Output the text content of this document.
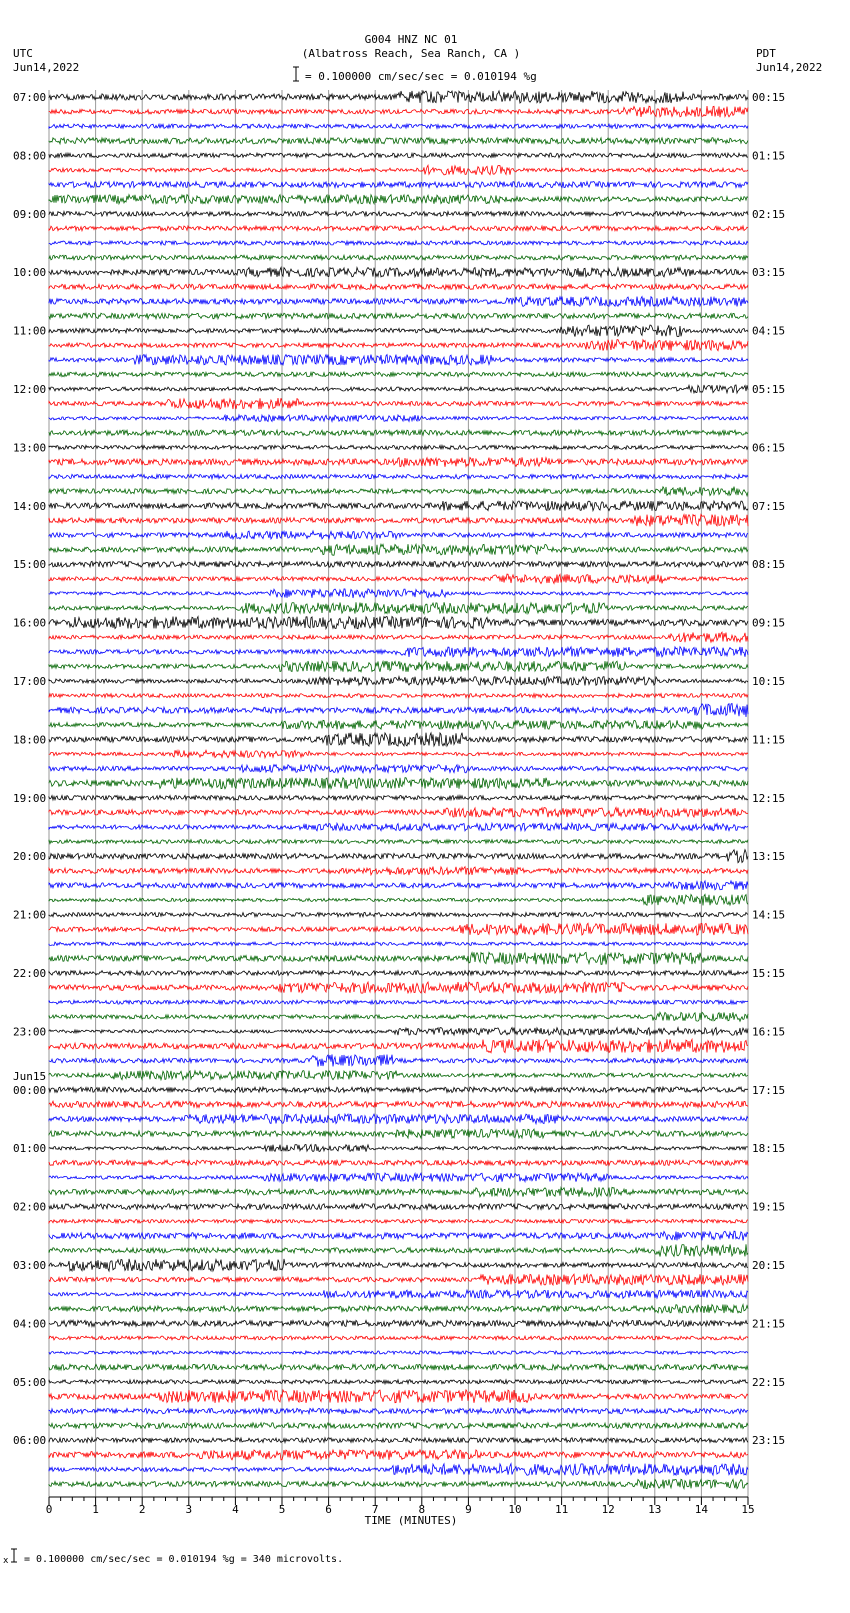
G004 HNZ NC 01
(Albatross Reach, Sea Ranch, CA )
= 0.100000 cm/sec/sec = 0.010194 %g
UTC
Jun14,2022
PDT
Jun14,2022
07:00
08:00
09:00
10:00
11:00
12:00
13:00
14:00
15:00
16:00
17:00
18:00
19:00
20:00
21:00
22:00
23:00
00:00
01:00
02:00
03:00
04:00
05:00
06:00
00:15
01:15
02:15
03:15
04:15
05:15
06:15
07:15
08:15
09:15
10:15
11:15
12:15
13:15
14:15
15:15
16:15
17:15
18:15
19:15
20:15
21:15
22:15
23:15
Jun15
0	1	2	3	4	5	6	7	8	9	10	11	12	13	14	15
TIME (MINUTES)
x = 0.100000 cm/sec/sec = 0.010194 %g = 340 microvolts.
